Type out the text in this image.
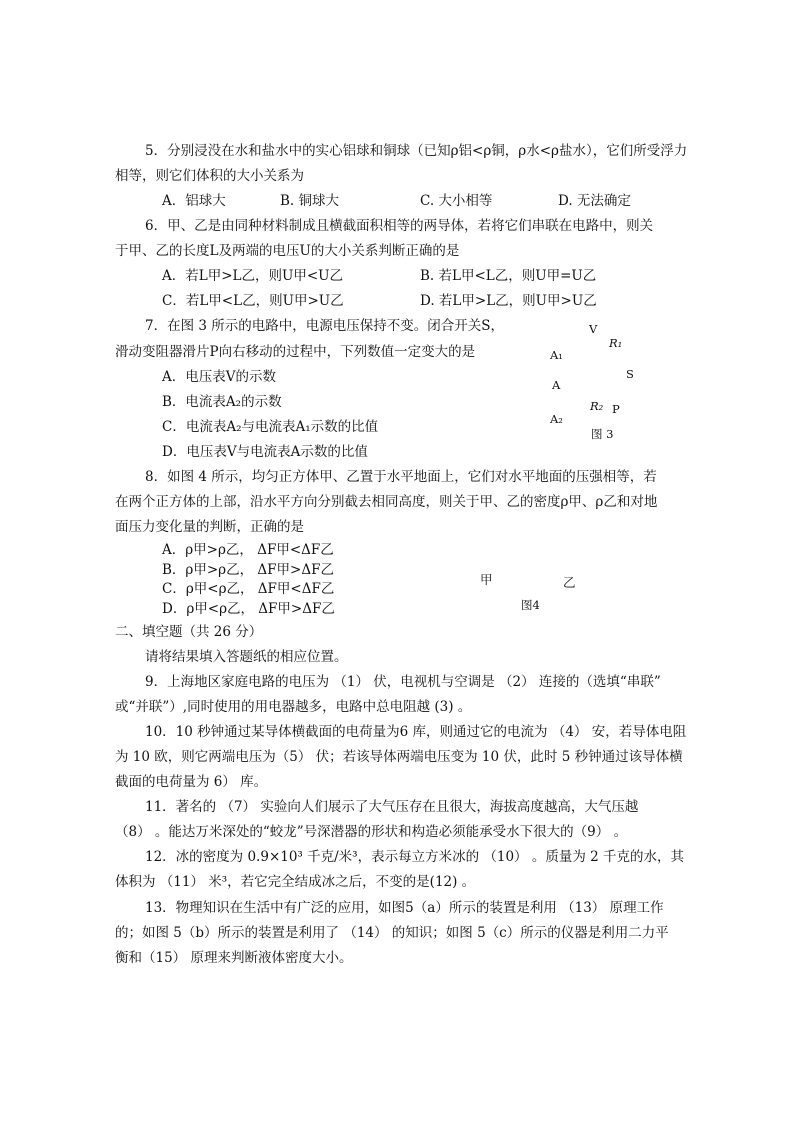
5．分别浸没在水和盐水中的实心铝球和铜球（已知ρ铝<ρ铜，ρ水<ρ盐水），它们所受浮力
相等，则它们体积的大小关系为
A．铝球大	B. 铜球大	C. 大小相等	D. 无法确定
6．甲、乙是由同种材料制成且横截面积相等的两导体，若将它们串联在电路中，则关
于甲、乙的长度L及两端的电压U的大小关系判断正确的是
A．若L甲>L乙，则U甲<U乙	B. 若L甲<L乙，则U甲=U乙
C．若L甲<L乙，则U甲>U乙	D. 若L甲>L乙，则U甲>U乙
7．在图 3 所示的电路中，电源电压保持不变。闭合开关S，
滑动变阻器滑片P向右移动的过程中，下列数值一定变大的是
A．电压表V的示数
B．电流表A₂的示数
C．电流表A₂与电流表A₁示数的比值
D．电压表V与电流表A示数的比值
V
R₁
A₁
S
A
R₂ P
A₂
图 3
8．如图 4 所示，均匀正方体甲、乙置于水平地面上，它们对水平地面的压强相等，若
在两个正方体的上部，沿水平方向分别截去相同高度，则关于甲、乙的密度ρ甲、ρ乙和对地
面压力变化量的判断，正确的是
A．ρ甲>ρ乙， ΔF甲<ΔF乙
B．ρ甲>ρ乙， ΔF甲>ΔF乙
C．ρ甲<ρ乙， ΔF甲<ΔF乙
D．ρ甲<ρ乙， ΔF甲>ΔF乙
甲	乙
图4
二、填空题（共 26 分）
请将结果填入答题纸的相应位置。
9．上海地区家庭电路的电压为 （1） 伏，电视机与空调是 （2） 连接的（选填“串联”
或“并联”）,同时使用的用电器越多，电路中总电阻越 (3) 。
10．10 秒钟通过某导体横截面的电荷量为6 库，则通过它的电流为 （4） 安，若导体电阻
为 10 欧，则它两端电压为（5） 伏；若该导体两端电压变为 10 伏，此时 5 秒钟通过该导体横
截面的电荷量为 6） 库。
11．著名的 （7） 实验向人们展示了大气压存在且很大，海拔高度越高，大气压越
（8） 。能达万米深处的“蛟龙”号深潜器的形状和构造必须能承受水下很大的（9） 。
12．冰的密度为 0.9×10³ 千克/米³，表示每立方米冰的 （10） 。质量为 2 千克的水，其
体积为 （11） 米³，若它完全结成冰之后，不变的是(12) 。
13．物理知识在生活中有广泛的应用，如图5（a）所示的装置是利用 （13） 原理工作
的；如图 5（b）所示的装置是利用了 （14） 的知识；如图 5（c）所示的仪器是利用二力平
衡和（15） 原理来判断液体密度大小。
